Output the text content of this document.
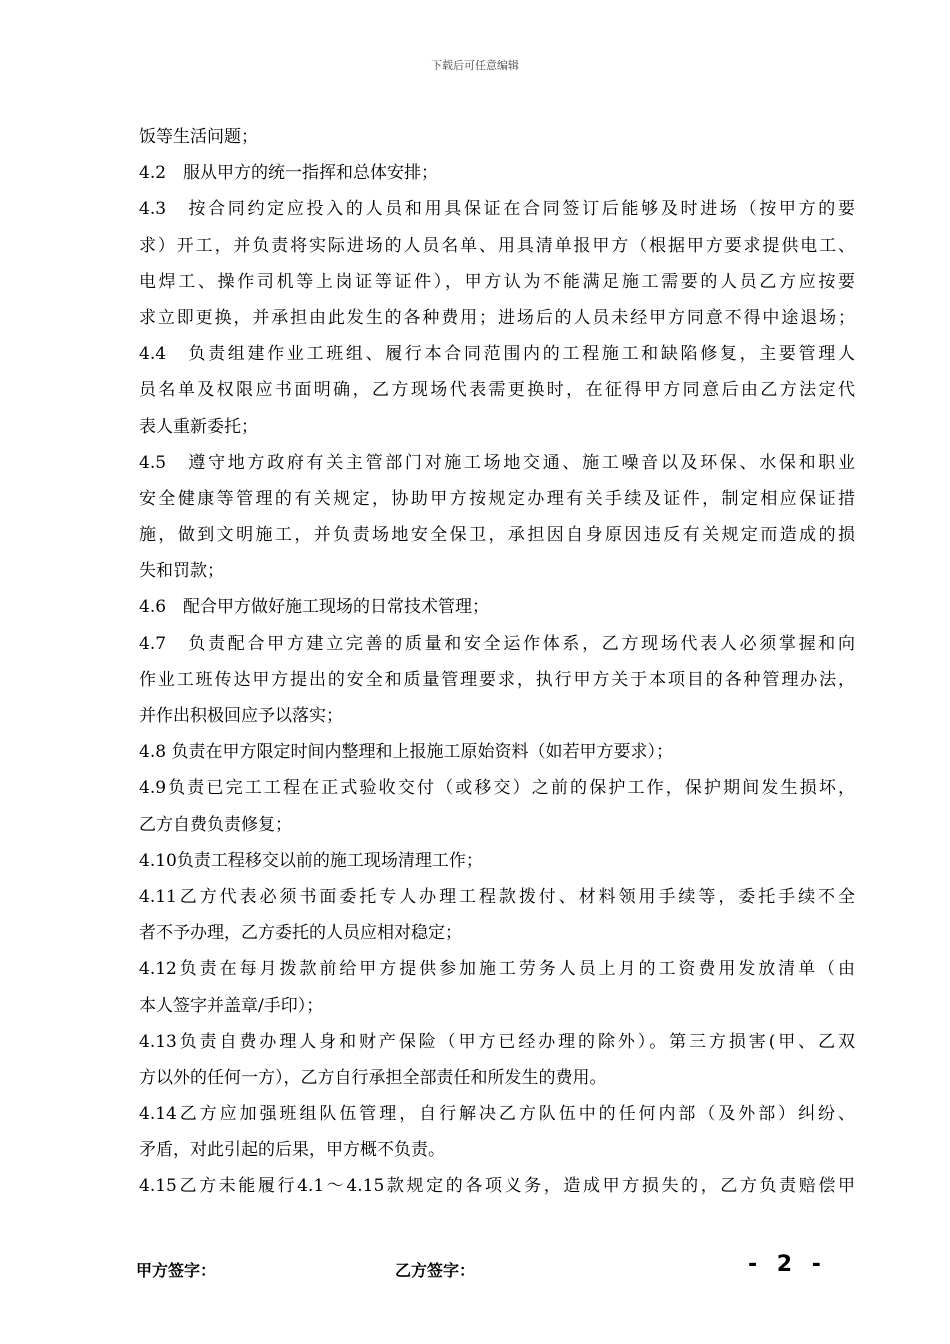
下载后可任意编辑
饭等生活问题；
4.2　服从甲方的统一指挥和总体安排；
4.3　按合同约定应投入的人员和用具保证在合同签订后能够及时进场（按甲方的要
求）开工，并负责将实际进场的人员名单、用具清单报甲方（根据甲方要求提供电工、
电焊工、操作司机等上岗证等证件），甲方认为不能满足施工需要的人员乙方应按要
求立即更换，并承担由此发生的各种费用；进场后的人员未经甲方同意不得中途退场；
4.4　负责组建作业工班组、履行本合同范围内的工程施工和缺陷修复，主要管理人
员名单及权限应书面明确，乙方现场代表需更换时，在征得甲方同意后由乙方法定代
表人重新委托；
4.5　遵守地方政府有关主管部门对施工场地交通、施工噪音以及环保、水保和职业
安全健康等管理的有关规定，协助甲方按规定办理有关手续及证件，制定相应保证措
施，做到文明施工，并负责场地安全保卫，承担因自身原因违反有关规定而造成的损
失和罚款；
4.6　配合甲方做好施工现场的日常技术管理；
4.7　负责配合甲方建立完善的质量和安全运作体系，乙方现场代表人必须掌握和向
作业工班传达甲方提出的安全和质量管理要求，执行甲方关于本项目的各种管理办法，
并作出积极回应予以落实；
4.8 负责在甲方限定时间内整理和上报施工原始资料（如若甲方要求）；
4.9负责已完工工程在正式验收交付（或移交）之前的保护工作，保护期间发生损坏，
乙方自费负责修复；
4.10负责工程移交以前的施工现场清理工作；
4.11乙方代表必须书面委托专人办理工程款拨付、材料领用手续等，委托手续不全
者不予办理，乙方委托的人员应相对稳定；
4.12负责在每月拨款前给甲方提供参加施工劳务人员上月的工资费用发放清单（由
本人签字并盖章/手印）；
4.13负责自费办理人身和财产保险（甲方已经办理的除外）。第三方损害(甲、乙双
方以外的任何一方），乙方自行承担全部责任和所发生的费用。
4.14乙方应加强班组队伍管理，自行解决乙方队伍中的任何内部（及外部）纠纷、
矛盾，对此引起的后果，甲方概不负责。
4.15乙方未能履行4.1～4.15款规定的各项义务，造成甲方损失的，乙方负责赔偿甲
甲方签字：	乙方签字：	- 2 -
